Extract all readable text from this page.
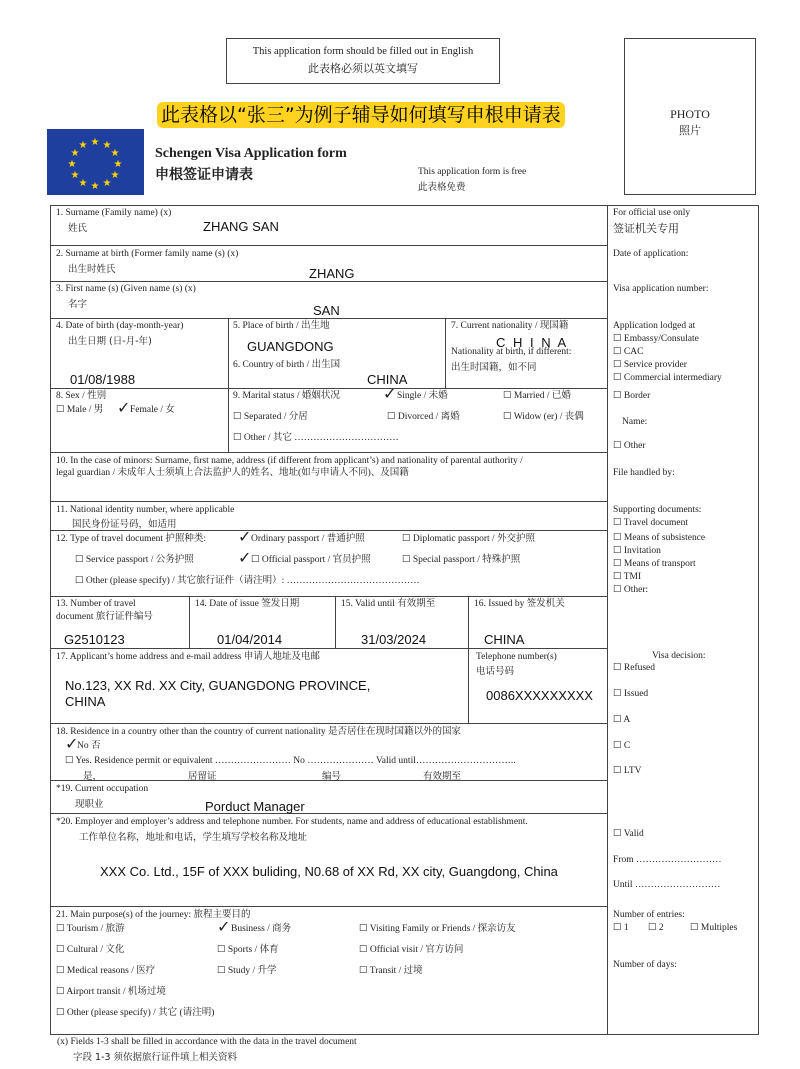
This application form should be filled out in English
此表格必须以英文填写
PHOTO
照片
此表格以“张三”为例子辅导如何填写申根申请表
★ ★
★
★
★
★
★
★
★
★
★
★
Schengen Visa Application form
申根签证申请表	This application form is free
此表格免费
1. Surname (Family name) (x)
姓氏	ZHANG SAN
2. Surname at birth (Former family name (s) (x)
出生时姓氏	ZHANG
3. First name (s) (Given name (s) (x)
名字	SAN
4. Date of birth (day-month-year)
出生日期 (日-月-年)
01/08/1988
5. Place of birth / 出生地
GUANGDONG
6. Country of birth / 出生国
CHINA
7. Current nationality / 现国籍
C H I N A
Nationality at birth, if different:
出生时国籍，如不同
8. Sex / 性别
☐ Male / 男 ✓ Female / 女
9. Marital status / 婚姻状况	✓ Single / 未婚	☐ Married / 已婚
☐ Separated / 分居	☐ Divorced / 离婚	☐ Widow (er) / 丧偶
☐ Other / 其它 ……………………………
10. In the case of minors: Surname, first name, address (if different from applicant’s) and nationality of parental authority /
legal guardian / 未成年人士须填上合法监护人的姓名、地址(如与申请人不同)、及国籍
11. National identity number, where applicable
国民身份证号码，如适用
12. Type of travel document 护照种类: ✓ Ordinary passport / 普通护照	☐ Diplomatic passport / 外交护照
☐ Service passport / 公务护照	✓ ☐ Official passport / 官员护照	☐ Special passport / 特殊护照
☐ Other (please specify) / 其它旅行证件（请注明）: ……………………………………
13. Number of travel
document 旅行证件编号
G2510123
14. Date of issue 签发日期
01/04/2014
15. Valid until 有效期至
31/03/2024
16. Issued by 签发机关
CHINA
17. Applicant’s home address and e-mail address 申请人地址及电邮
No.123, XX Rd. XX City, GUANGDONG PROVINCE,
CHINA
Telephone number(s)
电话号码
0086XXXXXXXXX
18. Residence in a country other than the country of current nationality 是否居住在现时国籍以外的国家
✓
No 否
☐ Yes. Residence permit or equivalent …………………… No ………………… Valid until…………………………..
是，	居留证	编号	有效期至
*19. Current occupation
现职业	Porduct Manager
*20. Employer and employer’s address and telephone number. For students, name and address of educational establishment.
工作单位名称，地址和电话，学生填写学校名称及地址
XXX Co. Ltd., 15F of XXX buliding, N0.68 of XX Rd, XX city, Guangdong, China
21. Main purpose(s) of the journey: 旅程主要目的
☐ Tourism / 旅游	✓ Business / 商务	☐ Visiting Family or Friends / 探亲访友
☐ Cultural / 文化	☐ Sports / 体育	☐ Official visit / 官方访问
☐ Medical reasons / 医疗	☐ Study / 升学	☐ Transit / 过境
☐ Airport transit / 机场过境
☐ Other (please specify) / 其它 (请注明)
For official use only
签证机关专用
Date of application:
Visa application number:
Application lodged at
☐ Embassy/Consulate
☐ CAC
☐ Service provider
☐ Commercial intermediary
☐ Border
Name:
☐ Other
File handled by:
Supporting documents:
☐ Travel document
☐ Means of subsistence
☐ Invitation
☐ Means of transport
☐ TMI
☐ Other:
Visa decision:
☐ Refused
☐ Issued
☐ A
☐ C
☐ LTV
☐ Valid
From ………………………
Until ………………………
Number of entries:
☐ 1 ☐ 2	☐ Multiples
Number of days:
(x) Fields 1-3 shall be filled in accordance with the data in the travel document
字段 1-3 须依据旅行证件填上相关资料
